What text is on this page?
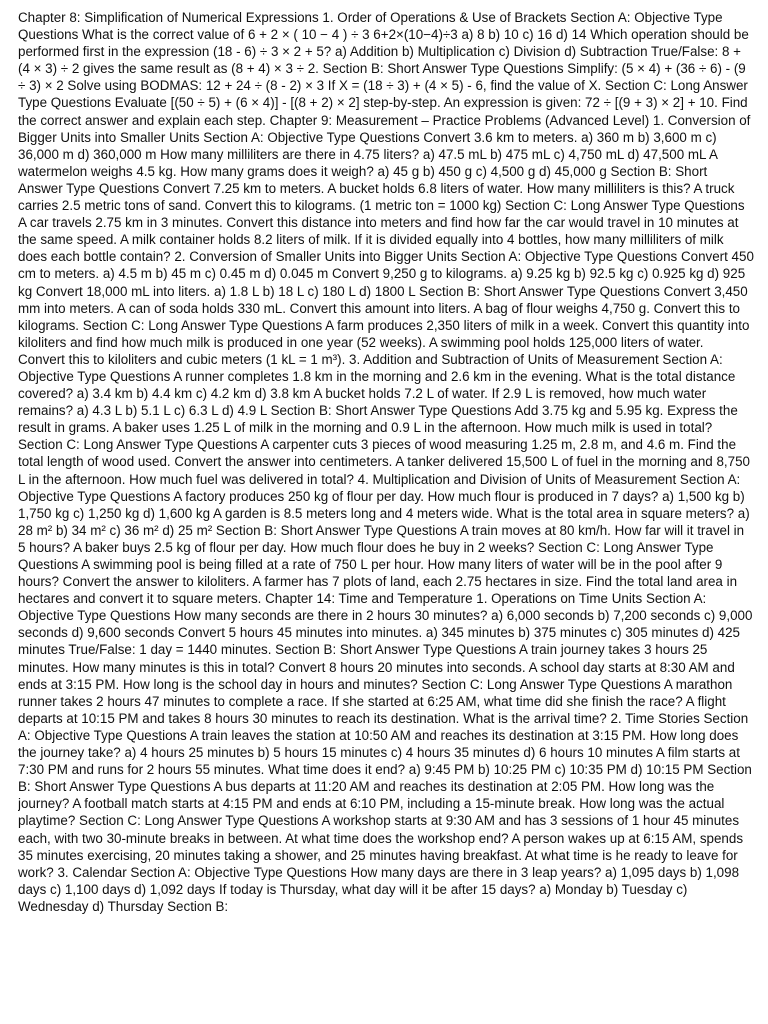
Chapter 8: Simplification of Numerical Expressions 1. Order of Operations & Use of Brackets Section A: Objective Type Questions What is the correct value of 6 + 2 × ( 10 − 4 ) ÷ 3 6+2×(10−4)÷3 a) 8 b) 10 c) 16 d) 14 Which operation should be performed first in the expression (18 - 6) ÷ 3 × 2 + 5? a) Addition b) Multiplication c) Division d) Subtraction True/False: 8 + (4 × 3) ÷ 2 gives the same result as (8 + 4) × 3 ÷ 2. Section B: Short Answer Type Questions Simplify: (5 × 4) + (36 ÷ 6) - (9 ÷ 3) × 2 Solve using BODMAS: 12 + 24 ÷ (8 - 2) × 3 If X = (18 ÷ 3) + (4 × 5) - 6, find the value of X. Section C: Long Answer Type Questions Evaluate [(50 ÷ 5) + (6 × 4)] - [(8 + 2) × 2] step-by-step. An expression is given: 72 ÷ [(9 + 3) × 2] + 10. Find the correct answer and explain each step. Chapter 9: Measurement – Practice Problems (Advanced Level) 1. Conversion of Bigger Units into Smaller Units Section A: Objective Type Questions Convert 3.6 km to meters. a) 360 m b) 3,600 m c) 36,000 m d) 360,000 m How many milliliters are there in 4.75 liters? a) 47.5 mL b) 475 mL c) 4,750 mL d) 47,500 mL A watermelon weighs 4.5 kg. How many grams does it weigh? a) 45 g b) 450 g c) 4,500 g d) 45,000 g Section B: Short Answer Type Questions Convert 7.25 km to meters. A bucket holds 6.8 liters of water. How many milliliters is this? A truck carries 2.5 metric tons of sand. Convert this to kilograms. (1 metric ton = 1000 kg) Section C: Long Answer Type Questions A car travels 2.75 km in 3 minutes. Convert this distance into meters and find how far the car would travel in 10 minutes at the same speed. A milk container holds 8.2 liters of milk. If it is divided equally into 4 bottles, how many milliliters of milk does each bottle contain? 2. Conversion of Smaller Units into Bigger Units Section A: Objective Type Questions Convert 450 cm to meters. a) 4.5 m b) 45 m c) 0.45 m d) 0.045 m Convert 9,250 g to kilograms. a) 9.25 kg b) 92.5 kg c) 0.925 kg d) 925 kg Convert 18,000 mL into liters. a) 1.8 L b) 18 L c) 180 L d) 1800 L Section B: Short Answer Type Questions Convert 3,450 mm into meters. A can of soda holds 330 mL. Convert this amount into liters. A bag of flour weighs 4,750 g. Convert this to kilograms. Section C: Long Answer Type Questions A farm produces 2,350 liters of milk in a week. Convert this quantity into kiloliters and find how much milk is produced in one year (52 weeks). A swimming pool holds 125,000 liters of water. Convert this to kiloliters and cubic meters (1 kL = 1 m³). 3. Addition and Subtraction of Units of Measurement Section A: Objective Type Questions A runner completes 1.8 km in the morning and 2.6 km in the evening. What is the total distance covered? a) 3.4 km b) 4.4 km c) 4.2 km d) 3.8 km A bucket holds 7.2 L of water. If 2.9 L is removed, how much water remains? a) 4.3 L b) 5.1 L c) 6.3 L d) 4.9 L Section B: Short Answer Type Questions Add 3.75 kg and 5.95 kg. Express the result in grams. A baker uses 1.25 L of milk in the morning and 0.9 L in the afternoon. How much milk is used in total? Section C: Long Answer Type Questions A carpenter cuts 3 pieces of wood measuring 1.25 m, 2.8 m, and 4.6 m. Find the total length of wood used. Convert the answer into centimeters. A tanker delivered 15,500 L of fuel in the morning and 8,750 L in the afternoon. How much fuel was delivered in total? 4. Multiplication and Division of Units of Measurement Section A: Objective Type Questions A factory produces 250 kg of flour per day. How much flour is produced in 7 days? a) 1,500 kg b) 1,750 kg c) 1,250 kg d) 1,600 kg A garden is 8.5 meters long and 4 meters wide. What is the total area in square meters? a) 28 m² b) 34 m² c) 36 m² d) 25 m² Section B: Short Answer Type Questions A train moves at 80 km/h. How far will it travel in 5 hours? A baker buys 2.5 kg of flour per day. How much flour does he buy in 2 weeks? Section C: Long Answer Type Questions A swimming pool is being filled at a rate of 750 L per hour. How many liters of water will be in the pool after 9 hours? Convert the answer to kiloliters. A farmer has 7 plots of land, each 2.75 hectares in size. Find the total land area in hectares and convert it to square meters. Chapter 14: Time and Temperature 1. Operations on Time Units Section A: Objective Type Questions How many seconds are there in 2 hours 30 minutes? a) 6,000 seconds b) 7,200 seconds c) 9,000 seconds d) 9,600 seconds Convert 5 hours 45 minutes into minutes. a) 345 minutes b) 375 minutes c) 305 minutes d) 425 minutes True/False: 1 day = 1440 minutes. Section B: Short Answer Type Questions A train journey takes 3 hours 25 minutes. How many minutes is this in total? Convert 8 hours 20 minutes into seconds. A school day starts at 8:30 AM and ends at 3:15 PM. How long is the school day in hours and minutes? Section C: Long Answer Type Questions A marathon runner takes 2 hours 47 minutes to complete a race. If she started at 6:25 AM, what time did she finish the race? A flight departs at 10:15 PM and takes 8 hours 30 minutes to reach its destination. What is the arrival time? 2. Time Stories Section A: Objective Type Questions A train leaves the station at 10:50 AM and reaches its destination at 3:15 PM. How long does the journey take? a) 4 hours 25 minutes b) 5 hours 15 minutes c) 4 hours 35 minutes d) 6 hours 10 minutes A film starts at 7:30 PM and runs for 2 hours 55 minutes. What time does it end? a) 9:45 PM b) 10:25 PM c) 10:35 PM d) 10:15 PM Section B: Short Answer Type Questions A bus departs at 11:20 AM and reaches its destination at 2:05 PM. How long was the journey? A football match starts at 4:15 PM and ends at 6:10 PM, including a 15-minute break. How long was the actual playtime? Section C: Long Answer Type Questions A workshop starts at 9:30 AM and has 3 sessions of 1 hour 45 minutes each, with two 30-minute breaks in between. At what time does the workshop end? A person wakes up at 6:15 AM, spends 35 minutes exercising, 20 minutes taking a shower, and 25 minutes having breakfast. At what time is he ready to leave for work? 3. Calendar Section A: Objective Type Questions How many days are there in 3 leap years? a) 1,095 days b) 1,098 days c) 1,100 days d) 1,092 days If today is Thursday, what day will it be after 15 days? a) Monday b) Tuesday c) Wednesday d) Thursday Section B:
